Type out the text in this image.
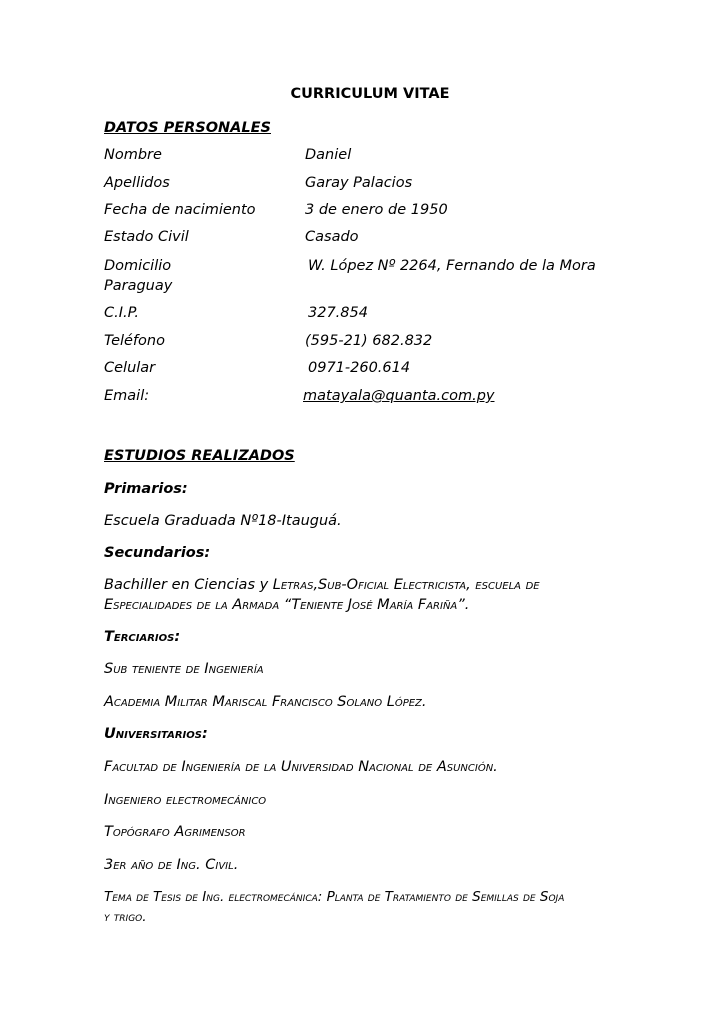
CURRICULUM VITAE
DATOS PERSONALES
Nombre	Daniel
Apellidos	Garay Palacios
Fecha de nacimiento	3 de enero de 1950
Estado Civil	Casado
Domicilio	W. López Nº 2264, Fernando de la Mora
Paraguay
C.I.P.	327.854
Teléfono	(595-21) 682.832
Celular	0971-260.614
Email:	matayala@quanta.com.py
ESTUDIOS REALIZADOS
Primarios:
Escuela Graduada Nº18-Itauguá.
Secundarios:
Bachiller en Ciencias y Letras,Sub-Oficial Electricista, escuela de
Especialidades de la Armada “Teniente José María Fariña”.
Terciarios:
Sub teniente de Ingeniería
Academia Militar Mariscal Francisco Solano López.
Universitarios:
Facultad de Ingeniería de la Universidad Nacional de Asunción.
Ingeniero electromecánico
Topógrafo Agrimensor
3er año de Ing. Civil.
Tema de Tesis de Ing. electromecánica: Planta de Tratamiento de Semillas de Soja
y trigo.
